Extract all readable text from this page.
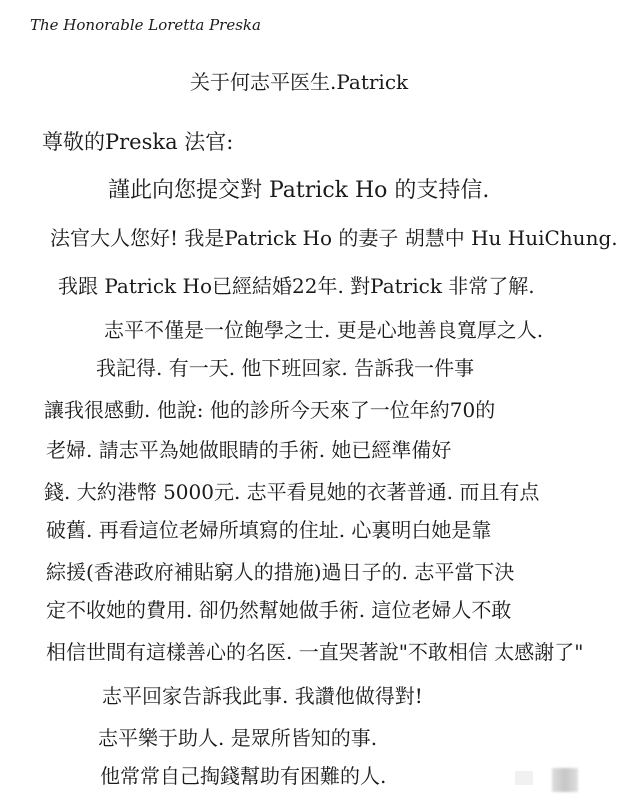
The Honorable Loretta Preska
关于何志平医生.Patrick
尊敬的Preska 法官:
謹此向您提交對 Patrick Ho 的支持信.
法官大人您好! 我是Patrick Ho 的妻子 胡慧中 Hu HuiChung.
我跟 Patrick Ho已經結婚22年. 對Patrick 非常了解.
志平不僅是一位飽學之士. 更是心地善良寬厚之人.
我記得. 有一天. 他下班回家. 告訴我一件事
讓我很感動. 他說: 他的診所今天來了一位年約70的
老婦. 請志平為她做眼睛的手術. 她已經準備好
錢. 大約港幣 5000元. 志平看見她的衣著普通. 而且有点
破舊. 再看這位老婦所填寫的住址. 心裏明白她是靠
綜援(香港政府補貼窮人的措施)過日子的. 志平當下決
定不收她的費用. 卻仍然幫她做手術. 這位老婦人不敢
相信世間有這樣善心的名医. 一直哭著說"不敢相信 太感謝了"
志平回家告訴我此事. 我讚他做得對!
志平樂于助人. 是眾所皆知的事.
他常常自己掏錢幫助有困難的人.
